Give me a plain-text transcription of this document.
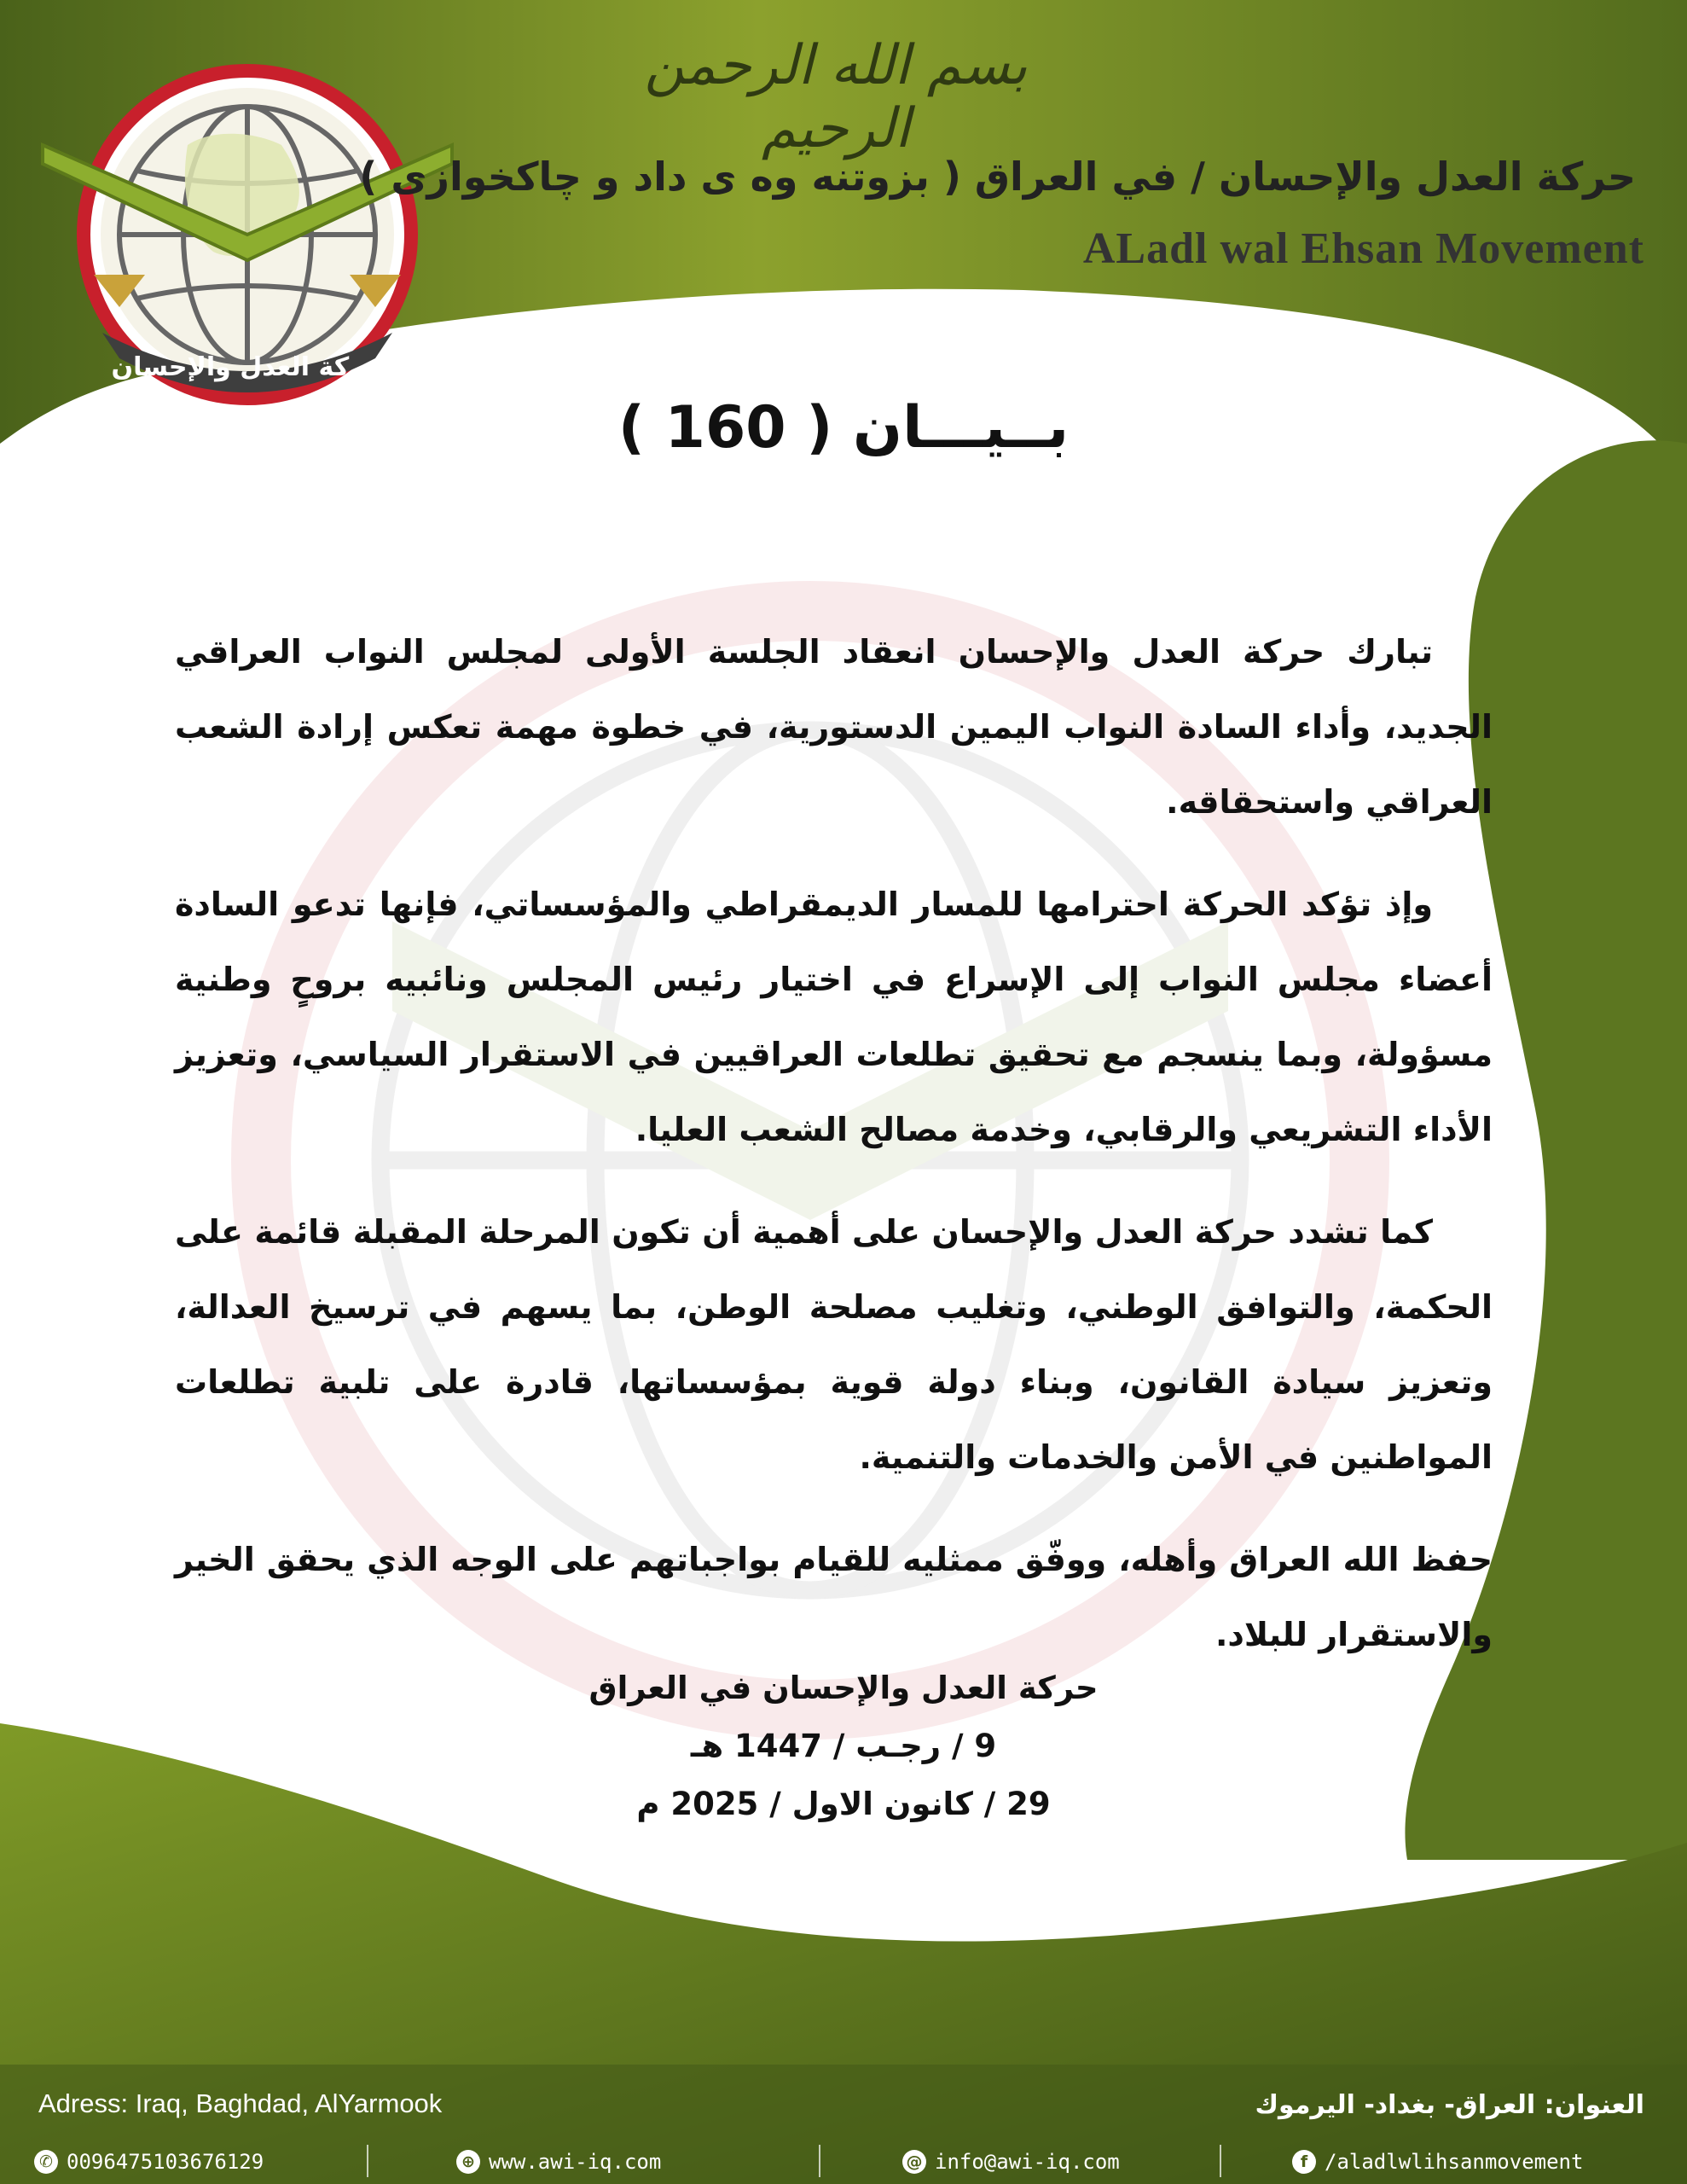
حركة العدل والإحسان
بسم الله الرحمن الرحيم
حركة العدل والإحسان / في العراق ( بزوتنه وه ى داد و چاكخوازى )
ALadl wal Ehsan Movement
بــيـــان ( 160 )

تبارك حركة العدل والإحسان انعقاد الجلسة الأولى لمجلس النواب العراقي الجديد، وأداء السادة النواب اليمين الدستورية، في خطوة مهمة تعكس إرادة الشعب العراقي واستحقاقه.

وإذ تؤكد الحركة احترامها للمسار الديمقراطي والمؤسساتي، فإنها تدعو السادة أعضاء مجلس النواب إلى الإسراع في اختيار رئيس المجلس ونائبيه بروحٍ وطنية مسؤولة، وبما ينسجم مع تحقيق تطلعات العراقيين في الاستقرار السياسي، وتعزيز الأداء التشريعي والرقابي، وخدمة مصالح الشعب العليا.

كما تشدد حركة العدل والإحسان على أهمية أن تكون المرحلة المقبلة قائمة على الحكمة، والتوافق الوطني، وتغليب مصلحة الوطن، بما يسهم في ترسيخ العدالة، وتعزيز سيادة القانون، وبناء دولة قوية بمؤسساتها، قادرة على تلبية تطلعات المواطنين في الأمن والخدمات والتنمية.

حفظ الله العراق وأهله، ووفّق ممثليه للقيام بواجباتهم على الوجه الذي يحقق الخير والاستقرار للبلاد.

حركة العدل والإحسان في العراق
9 / رجـب / 1447 هـ
29 / كانون الاول / 2025 م
Adress: Iraq, Baghdad, AlYarmook	العنوان: العراق- بغداد- اليرموك
✆ 009647510367612​9	⊕ www.awi-iq.com	@ info@awi-iq.com	f /aladlwlihsanmovement
